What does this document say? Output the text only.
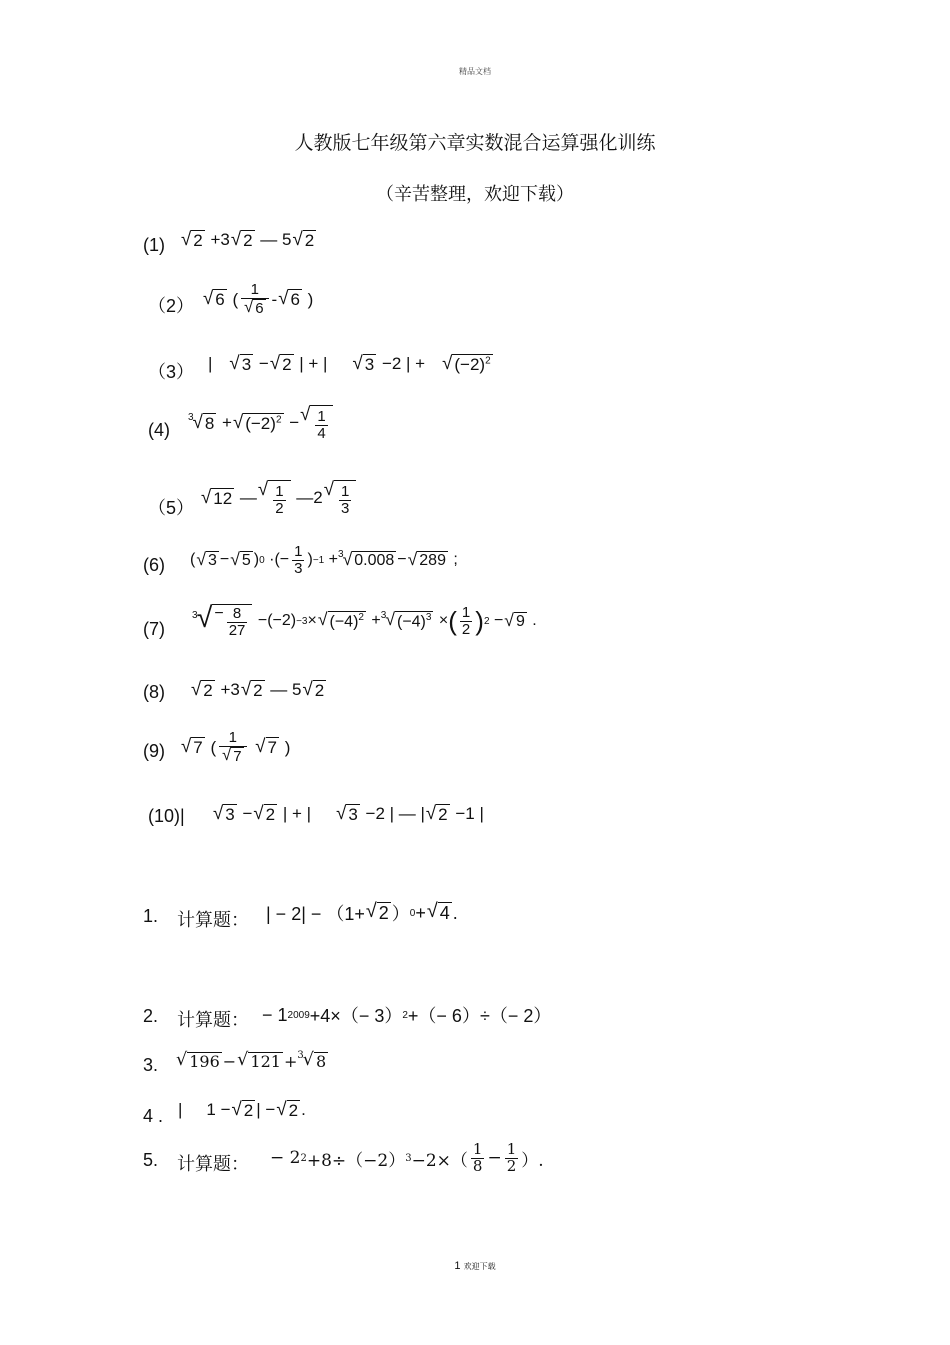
精品文档
人教版七年级第六章实数混合运算强化训练
（辛苦整理，欢迎下载）
(1) √ 2 +3 √ 2 — 5 √ 2
（2） √ 6 ( $\frac{1}{√ 6}$ - √ 6 )
（3） | √ 3 − √ 2 | + | √ 3 −2 | + √ $(-2)^2$
(4)
3 √ 8 + √ $(-2)^2$ − √ $\frac{1}{4}$
（5）
√ 12 — √ $\frac{1}{2}$ —2 √ $\frac{1}{3}$
(6) ( √ 3 − √ 5 ) 0 ·(− $\frac{1}{3}$ ) −1 + 3 √ 0.008 − √ 289 ;
(7)
3 √ − $\frac{8}{27} -(-2) -3$ × √ $(-4)^2 + 3$ √ $(-4)^3$ × ( $\frac{1}{2}$ ) 2 − √ 9 .
(8) √ 2 +3 √ 2 — 5 √ 2
(9) √ 7 ( $\frac{1}{√ 7}$
√ 7 )
(10)| √ 3 − √ 2 | + | √ 3 −2 | — | √ 2 −1 |
1. 计算题： | − 2| − （1+ √ 2 ） 0 + √ 4 .
2. 计算题： − 1 2009 +4×（− 3） 2 +（− 6）÷（− 2）
3. √ 196 − √ 121 + 3 √ 8
4 . | 1 − √ 2 | − √ 2 .
5. 计算题： − 2 2 +8÷（−2） $3 -2\times( \frac{1}{8} - \frac{1}{2}$ ）.
1 欢迎下载
